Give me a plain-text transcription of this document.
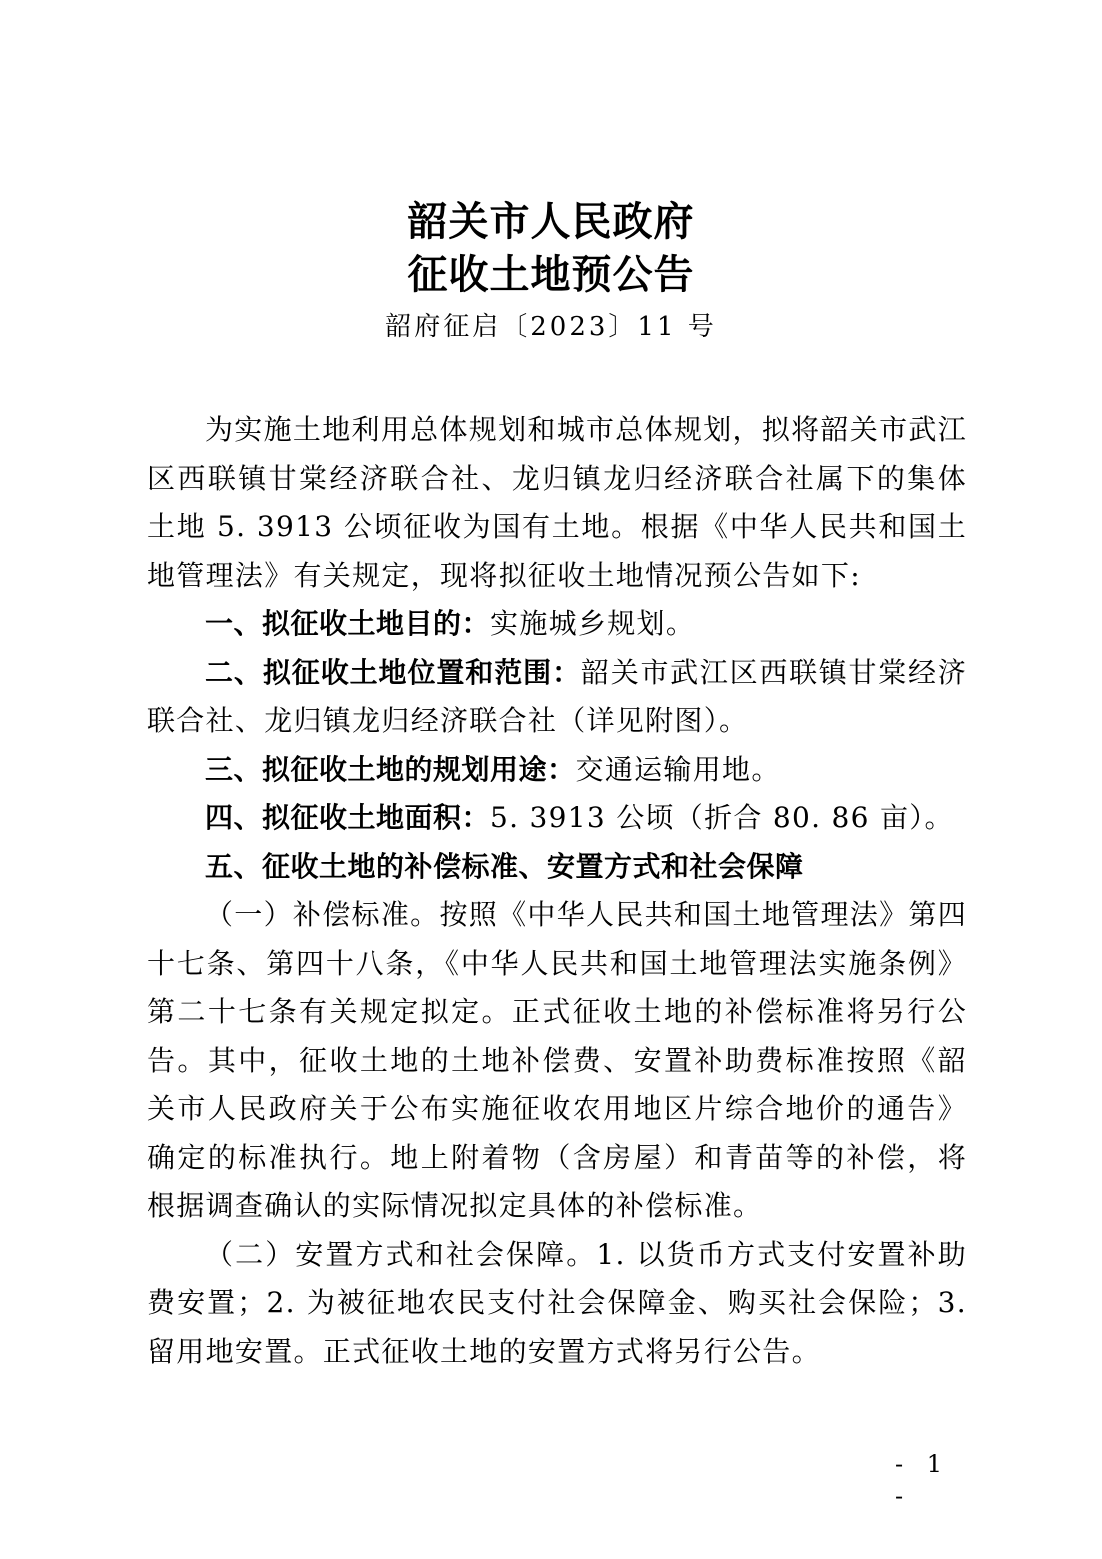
韶关市人民政府
征收土地预公告
韶府征启〔2023〕11 号

为实施土地利用总体规划和城市总体规划，拟将韶关市武江区西联镇甘棠经济联合社、龙归镇龙归经济联合社属下的集体土地 5. 3913 公顷征收为国有土地。根据《中华人民共和国土地管理法》有关规定，现将拟征收土地情况预公告如下:

一、拟征收土地目的：实施城乡规划。

二、拟征收土地位置和范围：韶关市武江区西联镇甘棠经济联合社、龙归镇龙归经济联合社（详见附图）。

三、拟征收土地的规划用途：交通运输用地。

四、拟征收土地面积：5. 3913 公顷（折合 80. 86 亩）。

五、征收土地的补偿标准、安置方式和社会保障

（一）补偿标准。按照《中华人民共和国土地管理法》第四十七条、第四十八条，《中华人民共和国土地管理法实施条例》第二十七条有关规定拟定。正式征收土地的补偿标准将另行公告。其中，征收土地的土地补偿费、安置补助费标准按照《韶关市人民政府关于公布实施征收农用地区片综合地价的通告》确定的标准执行。地上附着物（含房屋）和青苗等的补偿，将根据调查确认的实际情况拟定具体的补偿标准。

（二）安置方式和社会保障。1. 以货币方式支付安置补助费安置；2. 为被征地农民支付社会保障金、购买社会保险；3. 留用地安置。正式征收土地的安置方式将另行公告。

- 1 -
